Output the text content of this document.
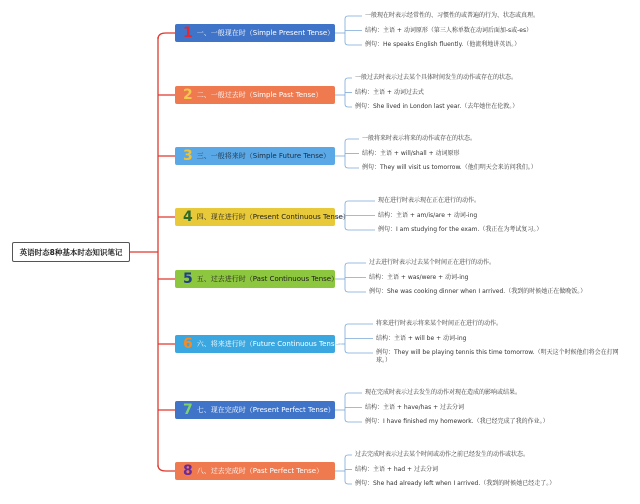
英语时态8种基本时态知识笔记
1 一、一般现在时（Simple Present Tense）
一般现在时表示经常性的、习惯性的或普遍的行为、状态或真理。
结构：主语 + 动词原形（第三人称单数在动词后面加-s或-es）
例句：He speaks English fluently.（他流利地讲英语。）
2 二、一般过去时（Simple Past Tense）
一般过去时表示过去某个具体时间发生的动作或存在的状态。
结构：主语 + 动词过去式
例句：She lived in London last year.（去年她住在伦敦。）
3 三、一般将来时（Simple Future Tense）
一般将来时表示将来的动作或存在的状态。
结构：主语 + will/shall + 动词原形
例句：They will visit us tomorrow.（他们明天会来访问我们。）
4 四、现在进行时（Present Continuous Tense）
现在进行时表示现在正在进行的动作。
结构：主语 + am/is/are + 动词-ing
例句：I am studying for the exam.（我正在为考试复习。）
5 五、过去进行时（Past Continuous Tense）
过去进行时表示过去某个时间正在进行的动作。
结构：主语 + was/were + 动词-ing
例句：She was cooking dinner when I arrived.（我到的时候她正在做晚饭。）
6 六、将来进行时（Future Continuous Tense）
将来进行时表示将来某个时间正在进行的动作。
结构：主语 + will be + 动词-ing
例句：They will be playing tennis this time tomorrow.（明天这个时候他们将会在打网球。）
7 七、现在完成时（Present Perfect Tense）
现在完成时表示过去发生的动作对现在造成的影响或结果。
结构：主语 + have/has + 过去分词
例句：I have finished my homework.（我已经完成了我的作业。）
8 八、过去完成时（Past Perfect Tense）
过去完成时表示过去某个时间或动作之前已经发生的动作或状态。
结构：主语 + had + 过去分词
例句：She had already left when I arrived.（我到的时候她已经走了。）
